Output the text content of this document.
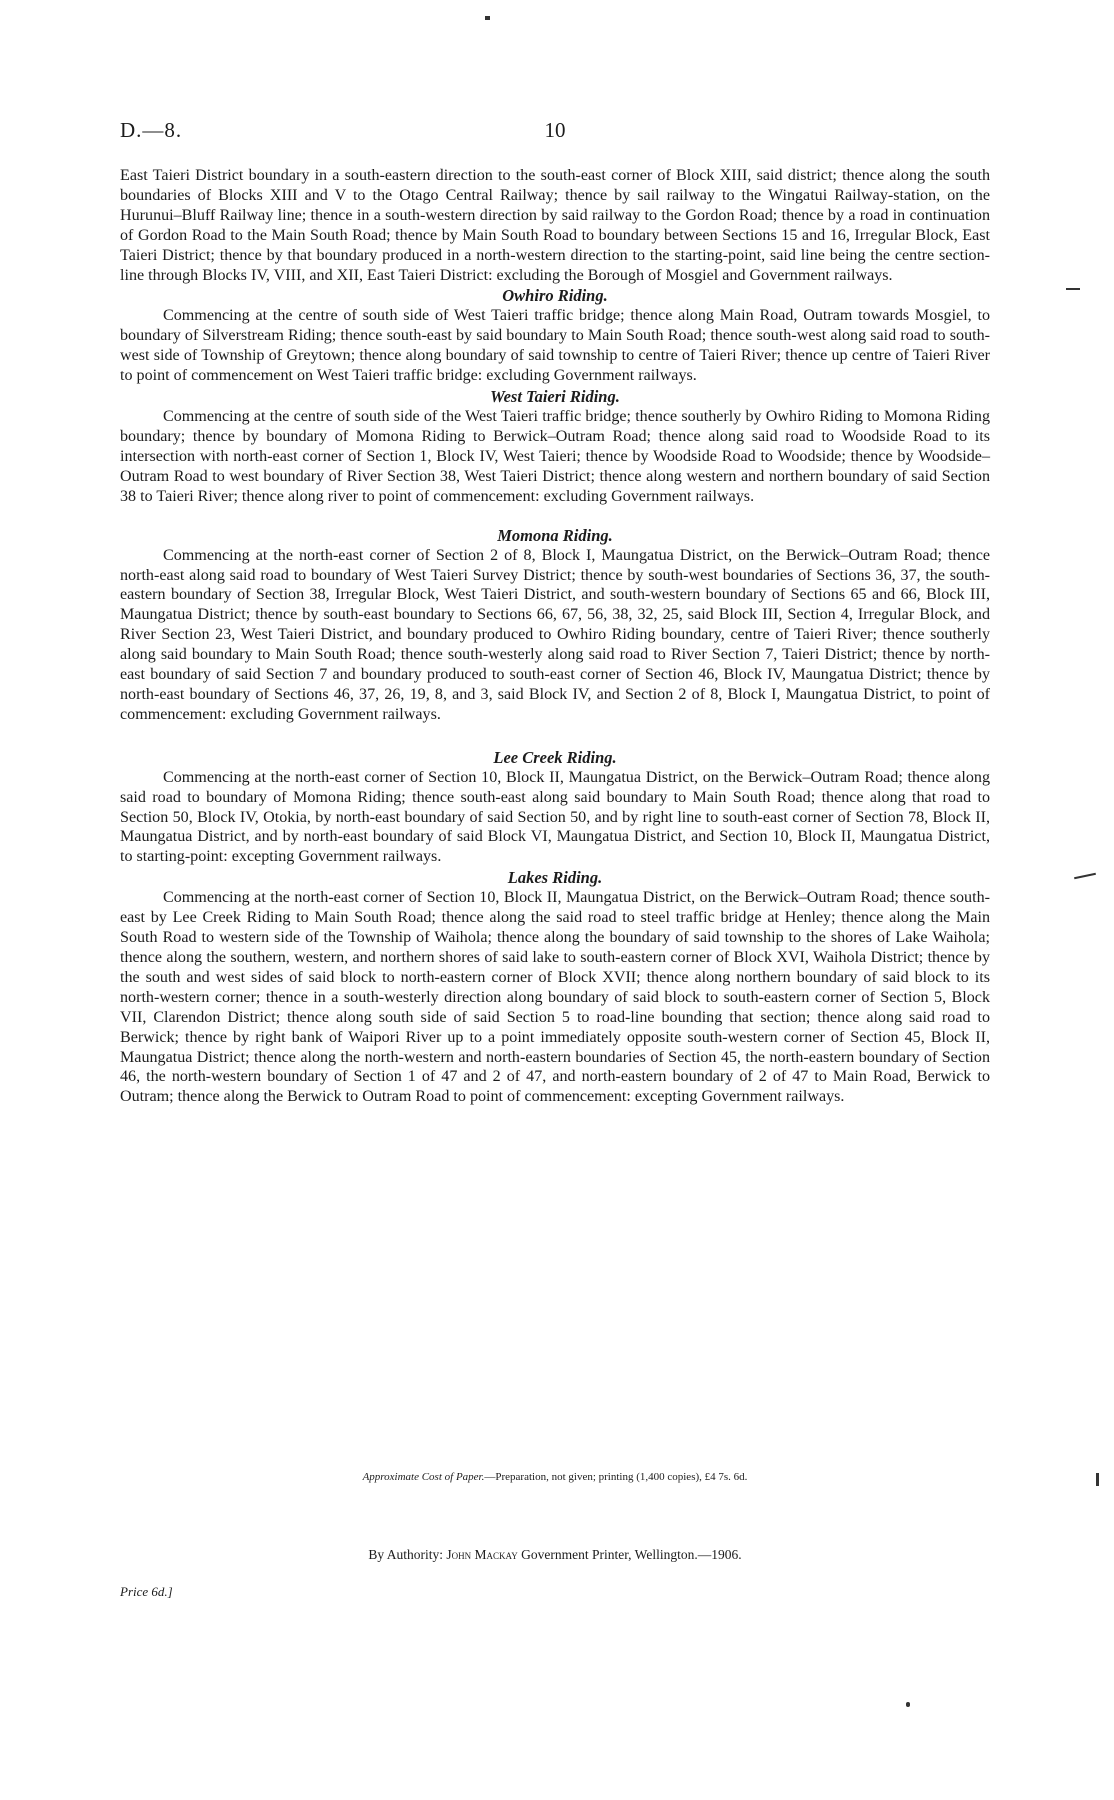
D.—8.	10

East Taieri District boundary in a south-eastern direction to the south-east corner of Block XIII, said district; thence along the south boundaries of Blocks XIII and V to the Otago Central Railway; thence by sail railway to the Wingatui Railway-station, on the Hurunui–Bluff Railway line; thence in a south-western direction by said railway to the Gordon Road; thence by a road in continuation of Gordon Road to the Main South Road; thence by Main South Road to boundary between Sections 15 and 16, Irregular Block, East Taieri District; thence by that boundary produced in a north-western direction to the starting-point, said line being the centre section-line through Blocks IV, VIII, and XII, East Taieri District: excluding the Borough of Mosgiel and Government railways.

Owhiro Riding.

Commencing at the centre of south side of West Taieri traffic bridge; thence along Main Road, Outram towards Mosgiel, to boundary of Silverstream Riding; thence south-east by said boundary to Main South Road; thence south-west along said road to south-west side of Township of Greytown; thence along boundary of said township to centre of Taieri River; thence up centre of Taieri River to point of commencement on West Taieri traffic bridge: excluding Government railways.

West Taieri Riding.

Commencing at the centre of south side of the West Taieri traffic bridge; thence southerly by Owhiro Riding to Momona Riding boundary; thence by boundary of Momona Riding to Berwick–Outram Road; thence along said road to Woodside Road to its intersection with north-east corner of Section 1, Block IV, West Taieri; thence by Woodside Road to Woodside; thence by Woodside–Outram Road to west boundary of River Section 38, West Taieri District; thence along western and northern boundary of said Section 38 to Taieri River; thence along river to point of commencement: excluding Government railways.

Momona Riding.

Commencing at the north-east corner of Section 2 of 8, Block I, Maungatua District, on the Berwick–Outram Road; thence north-east along said road to boundary of West Taieri Survey District; thence by south-west boundaries of Sections 36, 37, the south-eastern boundary of Section 38, Irregular Block, West Taieri District, and south-western boundary of Sections 65 and 66, Block III, Maungatua District; thence by south-east boundary to Sections 66, 67, 56, 38, 32, 25, said Block III, Section 4, Irregular Block, and River Section 23, West Taieri District, and boundary produced to Owhiro Riding boundary, centre of Taieri River; thence southerly along said boundary to Main South Road; thence south-westerly along said road to River Section 7, Taieri District; thence by north-east boundary of said Section 7 and boundary produced to south-east corner of Section 46, Block IV, Maungatua District; thence by north-east boundary of Sections 46, 37, 26, 19, 8, and 3, said Block IV, and Section 2 of 8, Block I, Maungatua District, to point of commencement: excluding Government railways.

Lee Creek Riding.

Commencing at the north-east corner of Section 10, Block II, Maungatua District, on the Berwick–Outram Road; thence along said road to boundary of Momona Riding; thence south-east along said boundary to Main South Road; thence along that road to Section 50, Block IV, Otokia, by north-east boundary of said Section 50, and by right line to south-east corner of Section 78, Block II, Maungatua District, and by north-east boundary of said Block VI, Maungatua District, and Section 10, Block II, Maungatua District, to starting-point: excepting Government railways.

Lakes Riding.

Commencing at the north-east corner of Section 10, Block II, Maungatua District, on the Berwick–Outram Road; thence south-east by Lee Creek Riding to Main South Road; thence along the said road to steel traffic bridge at Henley; thence along the Main South Road to western side of the Township of Waihola; thence along the boundary of said township to the shores of Lake Waihola; thence along the southern, western, and northern shores of said lake to south-eastern corner of Block XVI, Waihola District; thence by the south and west sides of said block to north-eastern corner of Block XVII; thence along northern boundary of said block to its north-western corner; thence in a south-westerly direction along boundary of said block to south-eastern corner of Section 5, Block VII, Clarendon District; thence along south side of said Section 5 to road-line bounding that section; thence along said road to Berwick; thence by right bank of Waipori River up to a point immediately opposite south-western corner of Section 45, Block II, Maungatua District; thence along the north-western and north-eastern boundaries of Section 45, the north-eastern boundary of Section 46, the north-western boundary of Section 1 of 47 and 2 of 47, and north-eastern boundary of 2 of 47 to Main Road, Berwick to Outram; thence along the Berwick to Outram Road to point of commencement: excepting Government railways.

Approximate Cost of Paper.—Preparation, not given; printing (1,400 copies), £4 7s. 6d.
By Authority: John Mackay Government Printer, Wellington.—1906.
Price 6d.]
